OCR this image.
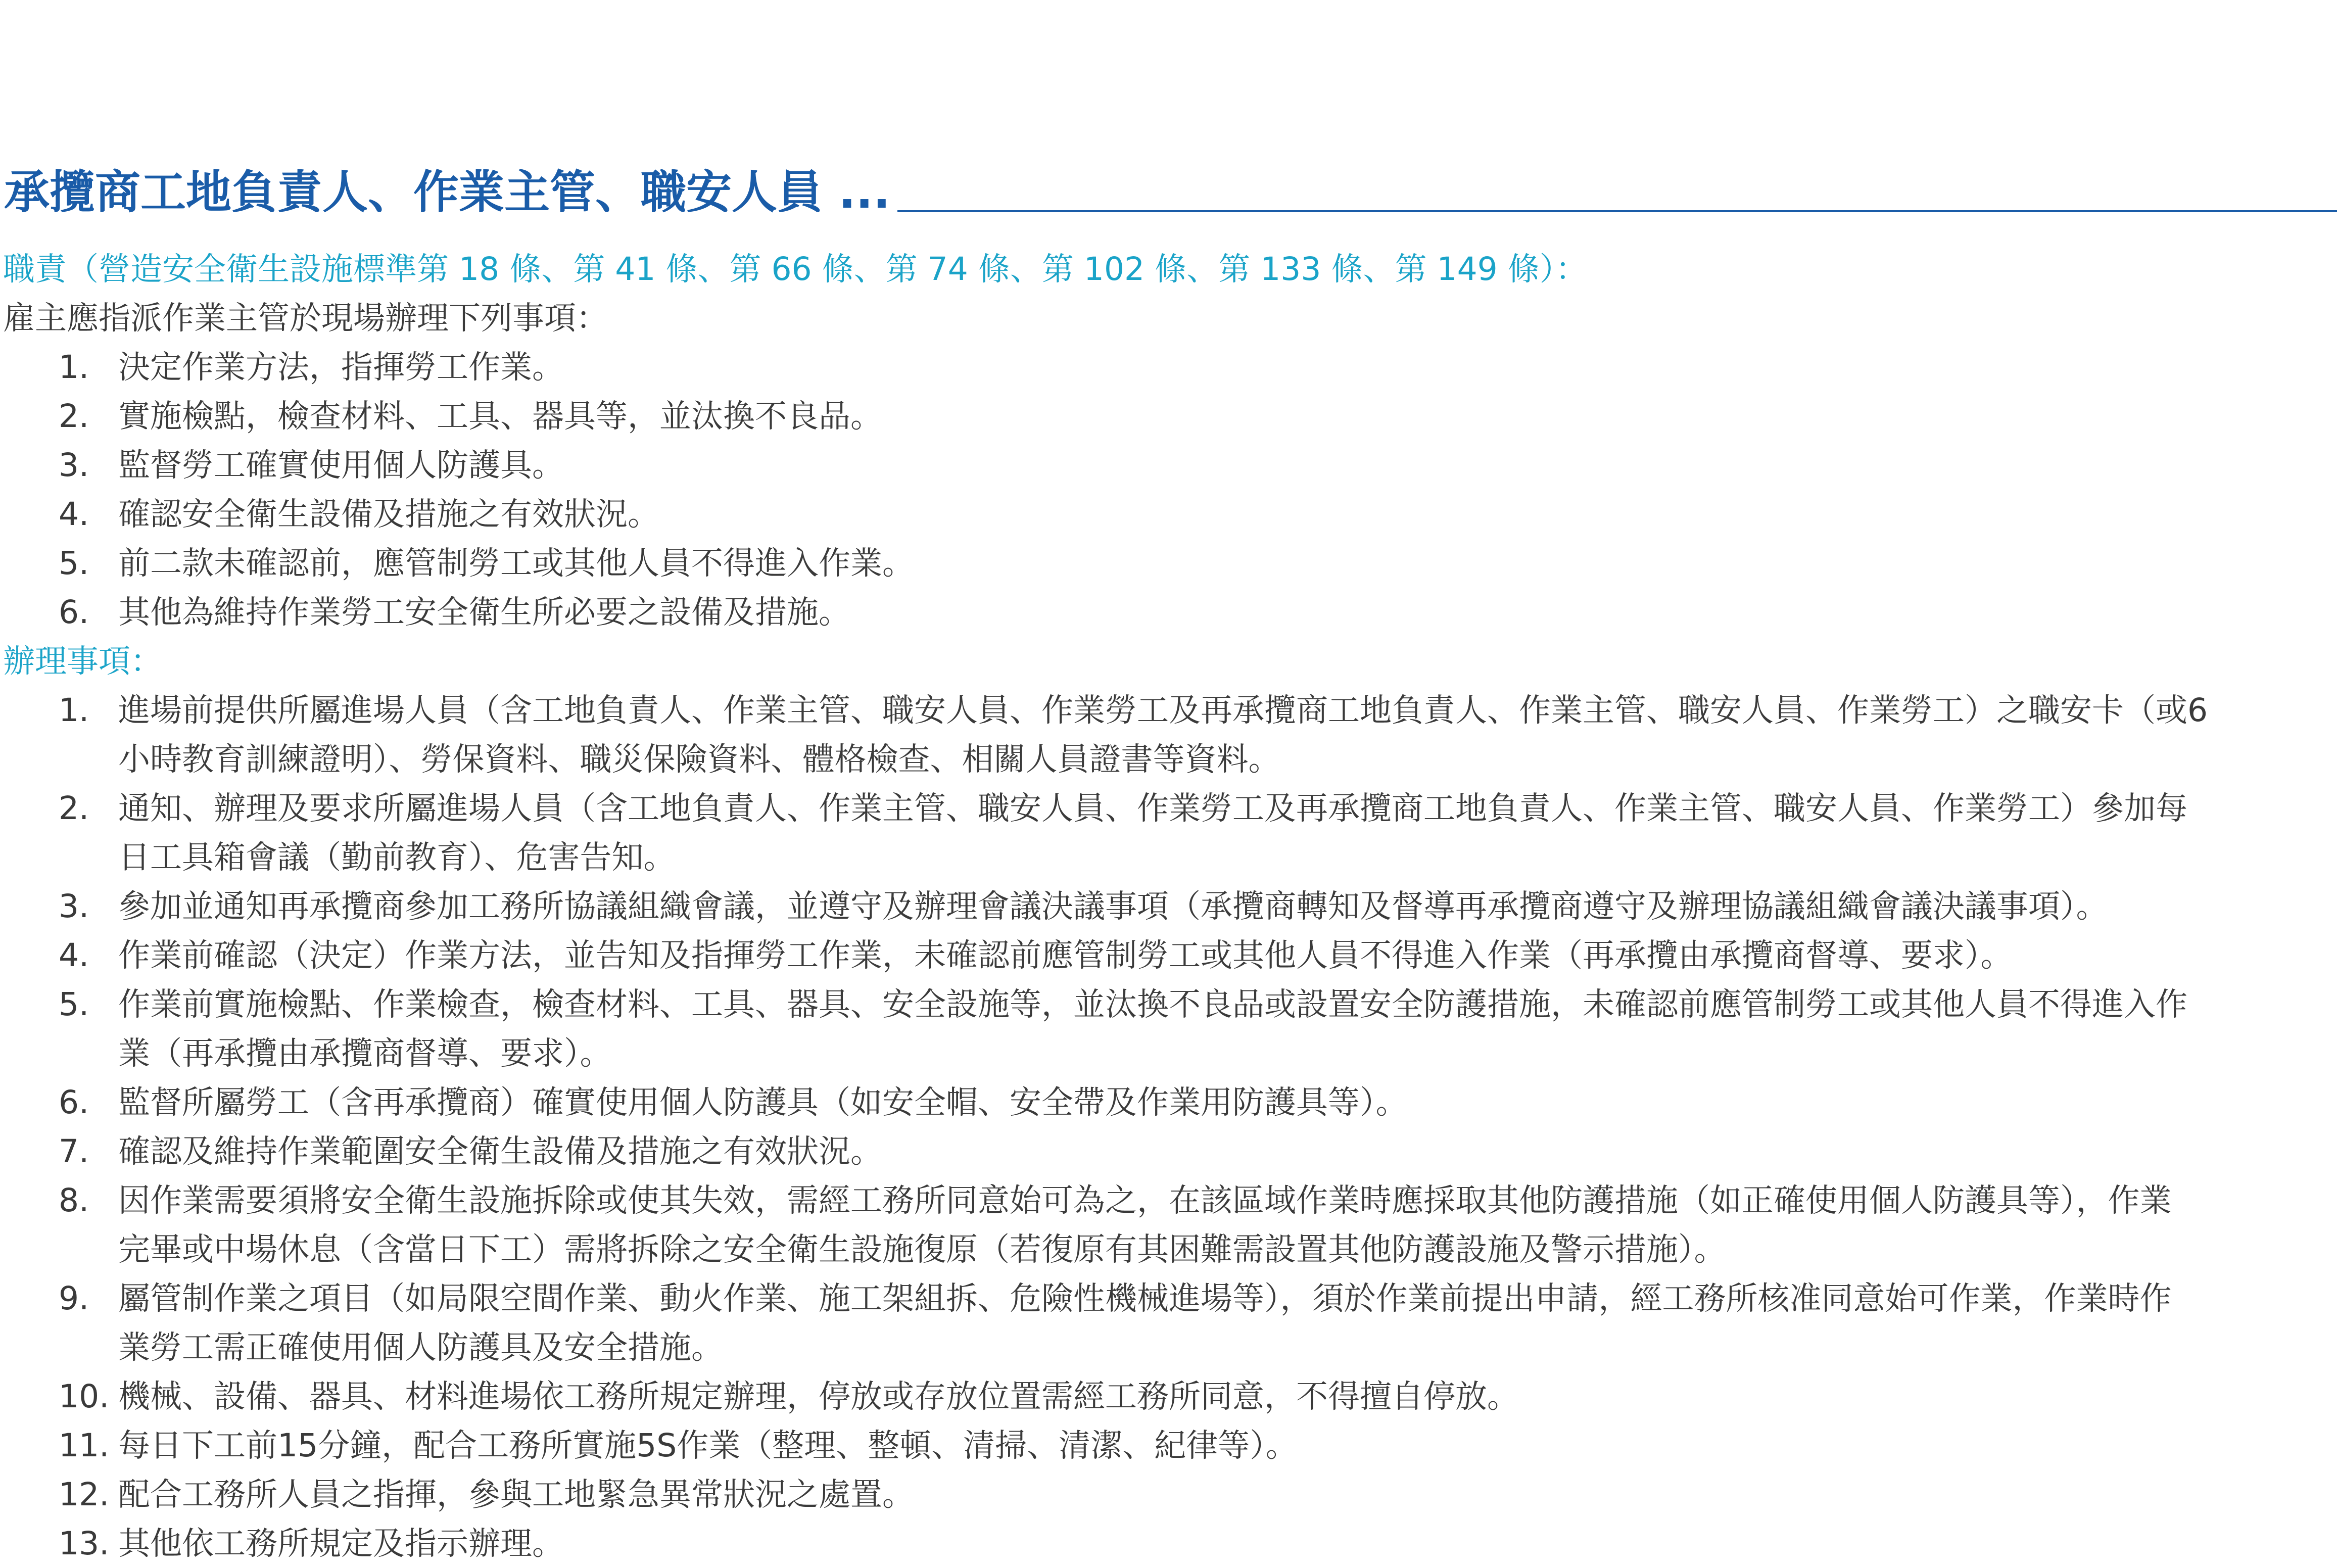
承攬商工地負責人、作業主管、職安人員 ...
職責（營造安全衛生設施標準第 18 條、第 41 條、第 66 條、第 74 條、第 102 條、第 133 條、第 149 條）：
雇主應指派作業主管於現場辦理下列事項：
1. 決定作業方法，指揮勞工作業。
2. 實施檢點，檢查材料、工具、器具等，並汰換不良品。
3. 監督勞工確實使用個人防護具。
4. 確認安全衛生設備及措施之有效狀況。
5. 前二款未確認前，應管制勞工或其他人員不得進入作業。
6. 其他為維持作業勞工安全衛生所必要之設備及措施。
辦理事項：
1. 進場前提供所屬進場人員（含工地負責人、作業主管、職安人員、作業勞工及再承攬商工地負責人、作業主管、職安人員、作業勞工）之職安卡（或6
小時教育訓練證明）、勞保資料、職災保險資料、體格檢查、相關人員證書等資料。
2. 通知、辦理及要求所屬進場人員（含工地負責人、作業主管、職安人員、作業勞工及再承攬商工地負責人、作業主管、職安人員、作業勞工）參加每
日工具箱會議（勤前教育）、危害告知。
3. 參加並通知再承攬商參加工務所協議組織會議，並遵守及辦理會議決議事項（承攬商轉知及督導再承攬商遵守及辦理協議組織會議決議事項）。
4. 作業前確認（決定）作業方法，並告知及指揮勞工作業，未確認前應管制勞工或其他人員不得進入作業（再承攬由承攬商督導、要求）。
5. 作業前實施檢點、作業檢查，檢查材料、工具、器具、安全設施等，並汰換不良品或設置安全防護措施，未確認前應管制勞工或其他人員不得進入作
業（再承攬由承攬商督導、要求）。
6. 監督所屬勞工（含再承攬商）確實使用個人防護具（如安全帽、安全帶及作業用防護具等）。
7. 確認及維持作業範圍安全衛生設備及措施之有效狀況。
8. 因作業需要須將安全衛生設施拆除或使其失效，需經工務所同意始可為之，在該區域作業時應採取其他防護措施（如正確使用個人防護具等），作業
完畢或中場休息（含當日下工）需將拆除之安全衛生設施復原（若復原有其困難需設置其他防護設施及警示措施）。
9. 屬管制作業之項目（如局限空間作業、動火作業、施工架組拆、危險性機械進場等），須於作業前提出申請，經工務所核准同意始可作業，作業時作
業勞工需正確使用個人防護具及安全措施。
10. 機械、設備、器具、材料進場依工務所規定辦理，停放或存放位置需經工務所同意，不得擅自停放。
11. 每日下工前15分鐘，配合工務所實施5S作業（整理、整頓、清掃、清潔、紀律等）。
12. 配合工務所人員之指揮，參與工地緊急異常狀況之處置。
13. 其他依工務所規定及指示辦理。
